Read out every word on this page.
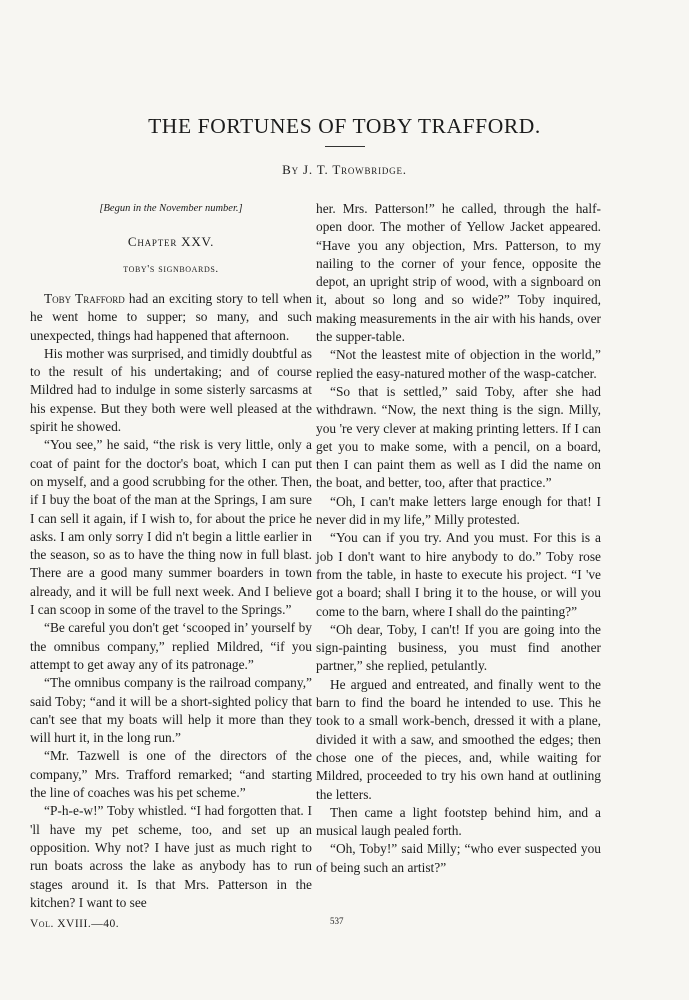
THE FORTUNES OF TOBY TRAFFORD.
By J. T. Trowbridge.
[Begun in the November number.]
Chapter XXV.
toby's signboards.

Toby Trafford had an exciting story to tell when he went home to supper; so many, and such unexpected, things had happened that afternoon.

His mother was surprised, and timidly doubtful as to the result of his undertaking; and of course Mildred had to indulge in some sisterly sarcasms at his expense. But they both were well pleased at the spirit he showed.

“You see,” he said, “the risk is very little, only a coat of paint for the doctor's boat, which I can put on myself, and a good scrubbing for the other. Then, if I buy the boat of the man at the Springs, I am sure I can sell it again, if I wish to, for about the price he asks. I am only sorry I did n't begin a little earlier in the season, so as to have the thing now in full blast. There are a good many summer boarders in town already, and it will be full next week. And I believe I can scoop in some of the travel to the Springs.”

“Be careful you don't get ‘scooped in’ yourself by the omnibus company,” replied Mildred, “if you attempt to get away any of its patronage.”

“The omnibus company is the railroad company,” said Toby; “and it will be a short-sighted policy that can't see that my boats will help it more than they will hurt it, in the long run.”

“Mr. Tazwell is one of the directors of the company,” Mrs. Trafford remarked; “and starting the line of coaches was his pet scheme.”

“P-h-e-w!” Toby whistled. “I had forgotten that. I 'll have my pet scheme, too, and set up an opposition. Why not? I have just as much right to run boats across the lake as anybody has to run stages around it. Is that Mrs. Patterson in the kitchen? I want to see

her. Mrs. Patterson!” he called, through the half-open door. The mother of Yellow Jacket appeared. “Have you any objection, Mrs. Patterson, to my nailing to the corner of your fence, opposite the depot, an upright strip of wood, with a signboard on it, about so long and so wide?” Toby inquired, making measurements in the air with his hands, over the supper-table.

“Not the leastest mite of objection in the world,” replied the easy-natured mother of the wasp-catcher.

“So that is settled,” said Toby, after she had withdrawn. “Now, the next thing is the sign. Milly, you 're very clever at making printing letters. If I can get you to make some, with a pencil, on a board, then I can paint them as well as I did the name on the boat, and better, too, after that practice.”

“Oh, I can't make letters large enough for that! I never did in my life,” Milly protested.

“You can if you try. And you must. For this is a job I don't want to hire anybody to do.” Toby rose from the table, in haste to execute his project. “I 've got a board; shall I bring it to the house, or will you come to the barn, where I shall do the painting?”

“Oh dear, Toby, I can't! If you are going into the sign-painting business, you must find another partner,” she replied, petulantly.

He argued and entreated, and finally went to the barn to find the board he intended to use. This he took to a small work-bench, dressed it with a plane, divided it with a saw, and smoothed the edges; then chose one of the pieces, and, while waiting for Mildred, proceeded to try his own hand at outlining the letters.

Then came a light footstep behind him, and a musical laugh pealed forth.

“Oh, Toby!” said Milly; “who ever suspected you of being such an artist?”

Vol. XVIII.—40.	537
